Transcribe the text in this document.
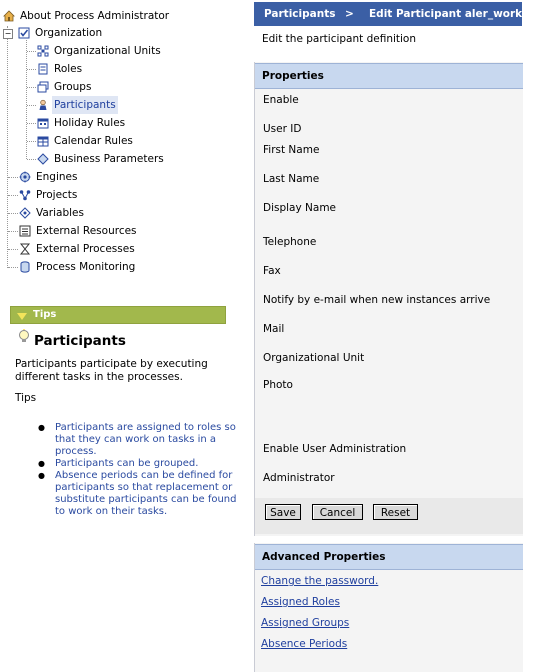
About Process Administrator
− Organization
Organizational Units
Roles
Groups
Participants
Holiday Rules
Calendar Rules
Business Parameters
Engines
Projects
Variables
External Resources
External Processes
Process Monitoring
Tips
Participants
Participants participate by executing different tasks in the processes.
Tips
● Participants are assigned to roles so that they can work on tasks in a process.
● Participants can be grouped.
● Absence periods can be defined for participants so that replacement or substitute participants can be found to work on their tasks.
Participants > Edit Participant aler_workflow
Edit the participant definition
Properties
Enable
User ID
First Name
Last Name
Display Name
Telephone
Fax
Notify by e-mail when new instances arrive
Mail
Organizational Unit
Photo
Enable User Administration
Administrator
Save	Cancel	Reset
Advanced Properties
Change the password.
Assigned Roles
Assigned Groups
Absence Periods
